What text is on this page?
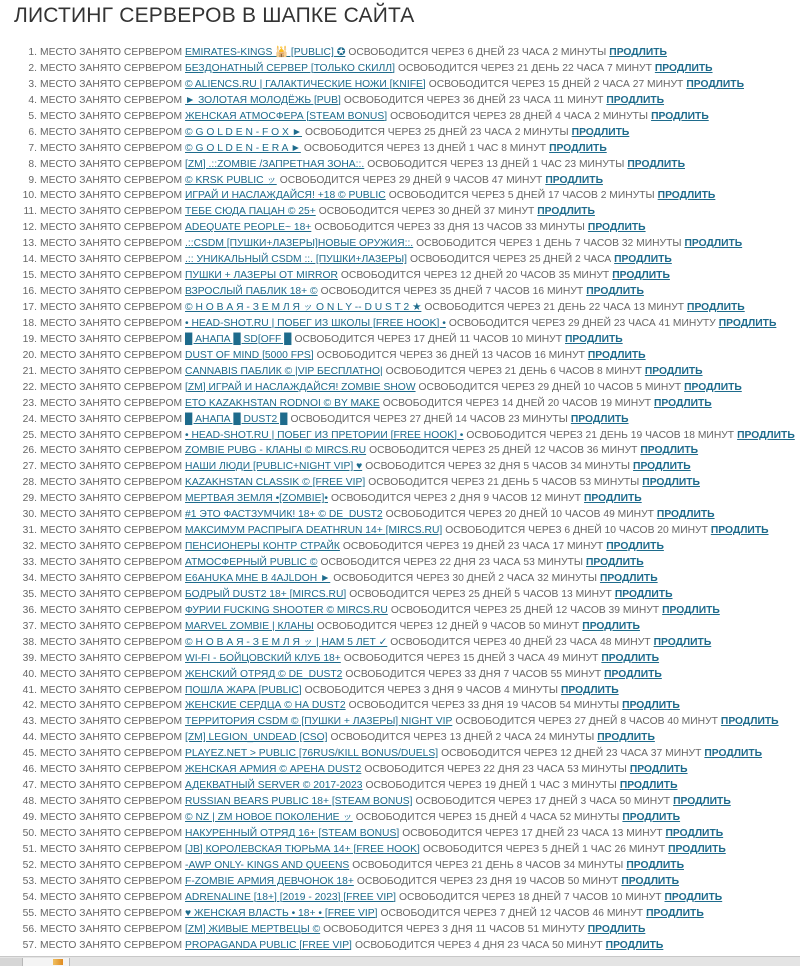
ЛИСТИНГ СЕРВЕРОВ В ШАПКЕ САЙТА
1. МЕСТО ЗАНЯТО СЕРВЕРОМ EMIRATES-KINGS 🕌 [PUBLIC] ✪ ОСВОБОДИТСЯ ЧЕРЕЗ 6 ДНЕЙ 23 ЧАСА 2 МИНУТЫ ПРОДЛИТЬ
2. МЕСТО ЗАНЯТО СЕРВЕРОМ БЕЗДОНАТНЫЙ СЕРВЕР [ТОЛЬКО СКИЛЛ] ОСВОБОДИТСЯ ЧЕРЕЗ 21 ДЕНЬ 22 ЧАСА 7 МИНУТ ПРОДЛИТЬ
3. МЕСТО ЗАНЯТО СЕРВЕРОМ © ALIENCS.RU | ГАЛАКТИЧЕСКИЕ НОЖИ [KNIFE] ОСВОБОДИТСЯ ЧЕРЕЗ 15 ДНЕЙ 2 ЧАСА 27 МИНУТ ПРОДЛИТЬ
4. МЕСТО ЗАНЯТО СЕРВЕРОМ ► ЗОЛОТАЯ МОЛОДЁЖЬ [PUB] ОСВОБОДИТСЯ ЧЕРЕЗ 36 ДНЕЙ 23 ЧАСА 11 МИНУТ ПРОДЛИТЬ
5. МЕСТО ЗАНЯТО СЕРВЕРОМ ЖЕНСКАЯ АТМОСФЕРА [STEAM BONUS] ОСВОБОДИТСЯ ЧЕРЕЗ 28 ДНЕЙ 4 ЧАСА 2 МИНУТЫ ПРОДЛИТЬ
6. МЕСТО ЗАНЯТО СЕРВЕРОМ © G O L D E N - F O X ► ОСВОБОДИТСЯ ЧЕРЕЗ 25 ДНЕЙ 23 ЧАСА 2 МИНУТЫ ПРОДЛИТЬ
7. МЕСТО ЗАНЯТО СЕРВЕРОМ © G O L D E N - E R A ► ОСВОБОДИТСЯ ЧЕРЕЗ 13 ДНЕЙ 1 ЧАС 8 МИНУТ ПРОДЛИТЬ
8. МЕСТО ЗАНЯТО СЕРВЕРОМ [ZM] .::ZOMBIE /ЗАПРЕТНАЯ ЗОНА::. ОСВОБОДИТСЯ ЧЕРЕЗ 13 ДНЕЙ 1 ЧАС 23 МИНУТЫ ПРОДЛИТЬ
9. МЕСТО ЗАНЯТО СЕРВЕРОМ © KRSK PUBLIC ッ ОСВОБОДИТСЯ ЧЕРЕЗ 29 ДНЕЙ 9 ЧАСОВ 47 МИНУТ ПРОДЛИТЬ
10. МЕСТО ЗАНЯТО СЕРВЕРОМ ИГРАЙ И НАСЛАЖДАЙСЯ! +18 © PUBLIC ОСВОБОДИТСЯ ЧЕРЕЗ 5 ДНЕЙ 17 ЧАСОВ 2 МИНУТЫ ПРОДЛИТЬ
11. МЕСТО ЗАНЯТО СЕРВЕРОМ ТЕБЕ СЮДА ПАЦАН © 25+ ОСВОБОДИТСЯ ЧЕРЕЗ 30 ДНЕЙ 37 МИНУТ ПРОДЛИТЬ
12. МЕСТО ЗАНЯТО СЕРВЕРОМ ADEQUATE PEOPLE~ 18+ ОСВОБОДИТСЯ ЧЕРЕЗ 33 ДНЯ 13 ЧАСОВ 33 МИНУТЫ ПРОДЛИТЬ
13. МЕСТО ЗАНЯТО СЕРВЕРОМ .::CSDM [ПУШКИ+ЛАЗЕРЫ]НОВЫЕ ОРУЖИЯ::. ОСВОБОДИТСЯ ЧЕРЕЗ 1 ДЕНЬ 7 ЧАСОВ 32 МИНУТЫ ПРОДЛИТЬ
14. МЕСТО ЗАНЯТО СЕРВЕРОМ .:: УНИКАЛЬНЫЙ CSDM ::. [ПУШКИ+ЛАЗЕРЫ] ОСВОБОДИТСЯ ЧЕРЕЗ 25 ДНЕЙ 2 ЧАСА ПРОДЛИТЬ
15. МЕСТО ЗАНЯТО СЕРВЕРОМ ПУШКИ + ЛАЗЕРЫ ОТ MIRROR ОСВОБОДИТСЯ ЧЕРЕЗ 12 ДНЕЙ 20 ЧАСОВ 35 МИНУТ ПРОДЛИТЬ
16. МЕСТО ЗАНЯТО СЕРВЕРОМ ВЗРОСЛЫЙ ПАБЛИК 18+ © ОСВОБОДИТСЯ ЧЕРЕЗ 35 ДНЕЙ 7 ЧАСОВ 16 МИНУТ ПРОДЛИТЬ
17. МЕСТО ЗАНЯТО СЕРВЕРОМ © Н О В А Я - З Е М Л Я ッ O N L Y -- D U S T 2 ★ ОСВОБОДИТСЯ ЧЕРЕЗ 21 ДЕНЬ 22 ЧАСА 13 МИНУТ ПРОДЛИТЬ
18. МЕСТО ЗАНЯТО СЕРВЕРОМ • HEAD-SHOT.RU | ПОБЕГ ИЗ ШКОЛЫ [FREE HOOK] • ОСВОБОДИТСЯ ЧЕРЕЗ 29 ДНЕЙ 23 ЧАСА 41 МИНУТУ ПРОДЛИТЬ
19. МЕСТО ЗАНЯТО СЕРВЕРОМ █ АНАПА █ SD[OFF █ ОСВОБОДИТСЯ ЧЕРЕЗ 17 ДНЕЙ 11 ЧАСОВ 10 МИНУТ ПРОДЛИТЬ
20. МЕСТО ЗАНЯТО СЕРВЕРОМ DUST OF MIND [5000 FPS] ОСВОБОДИТСЯ ЧЕРЕЗ 36 ДНЕЙ 13 ЧАСОВ 16 МИНУТ ПРОДЛИТЬ
21. МЕСТО ЗАНЯТО СЕРВЕРОМ CANNABIS ПАБЛИК © |VIP БЕСПЛАТНО| ОСВОБОДИТСЯ ЧЕРЕЗ 21 ДЕНЬ 6 ЧАСОВ 8 МИНУТ ПРОДЛИТЬ
22. МЕСТО ЗАНЯТО СЕРВЕРОМ [ZM] ИГРАЙ И НАСЛАЖДАЙСЯ! ZOMBIE SHOW ОСВОБОДИТСЯ ЧЕРЕЗ 29 ДНЕЙ 10 ЧАСОВ 5 МИНУТ ПРОДЛИТЬ
23. МЕСТО ЗАНЯТО СЕРВЕРОМ ETO KAZAKHSTAN RODNOI © BY MAKE ОСВОБОДИТСЯ ЧЕРЕЗ 14 ДНЕЙ 20 ЧАСОВ 19 МИНУТ ПРОДЛИТЬ
24. МЕСТО ЗАНЯТО СЕРВЕРОМ █ АНАПА █ DUST2 █ ОСВОБОДИТСЯ ЧЕРЕЗ 27 ДНЕЙ 14 ЧАСОВ 23 МИНУТЫ ПРОДЛИТЬ
25. МЕСТО ЗАНЯТО СЕРВЕРОМ • HEAD-SHOT.RU | ПОБЕГ ИЗ ПРЕТОРИИ [FREE HOOK] • ОСВОБОДИТСЯ ЧЕРЕЗ 21 ДЕНЬ 19 ЧАСОВ 18 МИНУТ ПРОДЛИТЬ
26. МЕСТО ЗАНЯТО СЕРВЕРОМ ZOMBIE PUBG - КЛАНЫ © MIRCS.RU ОСВОБОДИТСЯ ЧЕРЕЗ 25 ДНЕЙ 12 ЧАСОВ 36 МИНУТ ПРОДЛИТЬ
27. МЕСТО ЗАНЯТО СЕРВЕРОМ НАШИ ЛЮДИ [PUBLIC+NIGHT VIP] ♥ ОСВОБОДИТСЯ ЧЕРЕЗ 32 ДНЯ 5 ЧАСОВ 34 МИНУТЫ ПРОДЛИТЬ
28. МЕСТО ЗАНЯТО СЕРВЕРОМ KAZAKHSTAN CLASSIK © [FREE VIP] ОСВОБОДИТСЯ ЧЕРЕЗ 21 ДЕНЬ 5 ЧАСОВ 53 МИНУТЫ ПРОДЛИТЬ
29. МЕСТО ЗАНЯТО СЕРВЕРОМ МЕРТВАЯ ЗЕМЛЯ •[ZOMBIE]• ОСВОБОДИТСЯ ЧЕРЕЗ 2 ДНЯ 9 ЧАСОВ 12 МИНУТ ПРОДЛИТЬ
30. МЕСТО ЗАНЯТО СЕРВЕРОМ #1 ЭТО ФАСТЗУМЧИК! 18+ © DE_DUST2 ОСВОБОДИТСЯ ЧЕРЕЗ 20 ДНЕЙ 10 ЧАСОВ 49 МИНУТ ПРОДЛИТЬ
31. МЕСТО ЗАНЯТО СЕРВЕРОМ МАКСИМУМ РАСПРЫГА DEATHRUN 14+ [MIRCS.RU] ОСВОБОДИТСЯ ЧЕРЕЗ 6 ДНЕЙ 10 ЧАСОВ 20 МИНУТ ПРОДЛИТЬ
32. МЕСТО ЗАНЯТО СЕРВЕРОМ ПЕНСИОНЕРЫ КОНТР СТРАЙК ОСВОБОДИТСЯ ЧЕРЕЗ 19 ДНЕЙ 23 ЧАСА 17 МИНУТ ПРОДЛИТЬ
33. МЕСТО ЗАНЯТО СЕРВЕРОМ АТМОСФЕРНЫЙ PUBLIC © ОСВОБОДИТСЯ ЧЕРЕЗ 22 ДНЯ 23 ЧАСА 53 МИНУТЫ ПРОДЛИТЬ
34. МЕСТО ЗАНЯТО СЕРВЕРОМ E6AHUKA MHE B 4AJLDOH ► ОСВОБОДИТСЯ ЧЕРЕЗ 30 ДНЕЙ 2 ЧАСА 32 МИНУТЫ ПРОДЛИТЬ
35. МЕСТО ЗАНЯТО СЕРВЕРОМ БОДРЫЙ DUST2 18+ [MIRCS.RU] ОСВОБОДИТСЯ ЧЕРЕЗ 25 ДНЕЙ 5 ЧАСОВ 13 МИНУТ ПРОДЛИТЬ
36. МЕСТО ЗАНЯТО СЕРВЕРОМ ФУРИИ FUCKING SHOOTER © MIRCS.RU ОСВОБОДИТСЯ ЧЕРЕЗ 25 ДНЕЙ 12 ЧАСОВ 39 МИНУТ ПРОДЛИТЬ
37. МЕСТО ЗАНЯТО СЕРВЕРОМ MARVEL ZOMBIE | КЛАНЫ ОСВОБОДИТСЯ ЧЕРЕЗ 12 ДНЕЙ 9 ЧАСОВ 50 МИНУТ ПРОДЛИТЬ
38. МЕСТО ЗАНЯТО СЕРВЕРОМ © Н О В А Я - З Е М Л Я ッ | HAM 5 ЛЕТ ✓ ОСВОБОДИТСЯ ЧЕРЕЗ 40 ДНЕЙ 23 ЧАСА 48 МИНУТ ПРОДЛИТЬ
39. МЕСТО ЗАНЯТО СЕРВЕРОМ WI-FI - БОЙЦОВСКИЙ КЛУБ 18+ ОСВОБОДИТСЯ ЧЕРЕЗ 15 ДНЕЙ 3 ЧАСА 49 МИНУТ ПРОДЛИТЬ
40. МЕСТО ЗАНЯТО СЕРВЕРОМ ЖЕНСКИЙ ОТРЯД © DE_DUST2 ОСВОБОДИТСЯ ЧЕРЕЗ 33 ДНЯ 7 ЧАСОВ 55 МИНУТ ПРОДЛИТЬ
41. МЕСТО ЗАНЯТО СЕРВЕРОМ ПОШЛА ЖАРА [PUBLIC] ОСВОБОДИТСЯ ЧЕРЕЗ 3 ДНЯ 9 ЧАСОВ 4 МИНУТЫ ПРОДЛИТЬ
42. МЕСТО ЗАНЯТО СЕРВЕРОМ ЖЕНСКИЕ СЕРДЦА © НА DUST2 ОСВОБОДИТСЯ ЧЕРЕЗ 33 ДНЯ 19 ЧАСОВ 54 МИНУТЫ ПРОДЛИТЬ
43. МЕСТО ЗАНЯТО СЕРВЕРОМ ТЕРРИТОРИЯ CSDM © [ПУШКИ + ЛАЗЕРЫ] NIGHT VIP ОСВОБОДИТСЯ ЧЕРЕЗ 27 ДНЕЙ 8 ЧАСОВ 40 МИНУТ ПРОДЛИТЬ
44. МЕСТО ЗАНЯТО СЕРВЕРОМ [ZM] LEGION_UNDEAD [CSO] ОСВОБОДИТСЯ ЧЕРЕЗ 13 ДНЕЙ 2 ЧАСА 24 МИНУТЫ ПРОДЛИТЬ
45. МЕСТО ЗАНЯТО СЕРВЕРОМ PLAYEZ.NET > PUBLIC [76RUS/KILL BONUS/DUELS] ОСВОБОДИТСЯ ЧЕРЕЗ 12 ДНЕЙ 23 ЧАСА 37 МИНУТ ПРОДЛИТЬ
46. МЕСТО ЗАНЯТО СЕРВЕРОМ ЖЕНСКАЯ АРМИЯ © АРЕНА DUST2 ОСВОБОДИТСЯ ЧЕРЕЗ 22 ДНЯ 23 ЧАСА 53 МИНУТЫ ПРОДЛИТЬ
47. МЕСТО ЗАНЯТО СЕРВЕРОМ АДЕКВАТНЫЙ SERVER © 2017-2023 ОСВОБОДИТСЯ ЧЕРЕЗ 19 ДНЕЙ 1 ЧАС 3 МИНУТЫ ПРОДЛИТЬ
48. МЕСТО ЗАНЯТО СЕРВЕРОМ RUSSIAN BEARS PUBLIC 18+ [STEAM BONUS] ОСВОБОДИТСЯ ЧЕРЕЗ 17 ДНЕЙ 3 ЧАСА 50 МИНУТ ПРОДЛИТЬ
49. МЕСТО ЗАНЯТО СЕРВЕРОМ © NZ | ZM НОВОЕ ПОКОЛЕНИЕ ッ ОСВОБОДИТСЯ ЧЕРЕЗ 15 ДНЕЙ 4 ЧАСА 52 МИНУТЫ ПРОДЛИТЬ
50. МЕСТО ЗАНЯТО СЕРВЕРОМ НАКУРЕННЫЙ ОТРЯД 16+ [STEAM BONUS] ОСВОБОДИТСЯ ЧЕРЕЗ 17 ДНЕЙ 23 ЧАСА 13 МИНУТ ПРОДЛИТЬ
51. МЕСТО ЗАНЯТО СЕРВЕРОМ [JB] КОРОЛЕВСКАЯ ТЮРЬМА 14+ [FREE HOOK] ОСВОБОДИТСЯ ЧЕРЕЗ 5 ДНЕЙ 1 ЧАС 26 МИНУТ ПРОДЛИТЬ
52. МЕСТО ЗАНЯТО СЕРВЕРОМ -AWP ONLY- KINGS AND QUEENS ОСВОБОДИТСЯ ЧЕРЕЗ 21 ДЕНЬ 8 ЧАСОВ 34 МИНУТЫ ПРОДЛИТЬ
53. МЕСТО ЗАНЯТО СЕРВЕРОМ F-ZOMBIE АРМИЯ ДЕВЧОНОК 18+ ОСВОБОДИТСЯ ЧЕРЕЗ 23 ДНЯ 19 ЧАСОВ 50 МИНУТ ПРОДЛИТЬ
54. МЕСТО ЗАНЯТО СЕРВЕРОМ ADRENALINE [18+] [2019 - 2023] [FREE VIP] ОСВОБОДИТСЯ ЧЕРЕЗ 18 ДНЕЙ 7 ЧАСОВ 10 МИНУТ ПРОДЛИТЬ
55. МЕСТО ЗАНЯТО СЕРВЕРОМ ♥ ЖЕНСКАЯ ВЛАСТЬ • 18+ • [FREE VIP] ОСВОБОДИТСЯ ЧЕРЕЗ 7 ДНЕЙ 12 ЧАСОВ 46 МИНУТ ПРОДЛИТЬ
56. МЕСТО ЗАНЯТО СЕРВЕРОМ [ZM] ЖИВЫЕ МЕРТВЕЦЫ © ОСВОБОДИТСЯ ЧЕРЕЗ 3 ДНЯ 11 ЧАСОВ 51 МИНУТУ ПРОДЛИТЬ
57. МЕСТО ЗАНЯТО СЕРВЕРОМ PROPAGANDA PUBLIC [FREE VIP] ОСВОБОДИТСЯ ЧЕРЕЗ 4 ДНЯ 23 ЧАСА 50 МИНУТ ПРОДЛИТЬ
